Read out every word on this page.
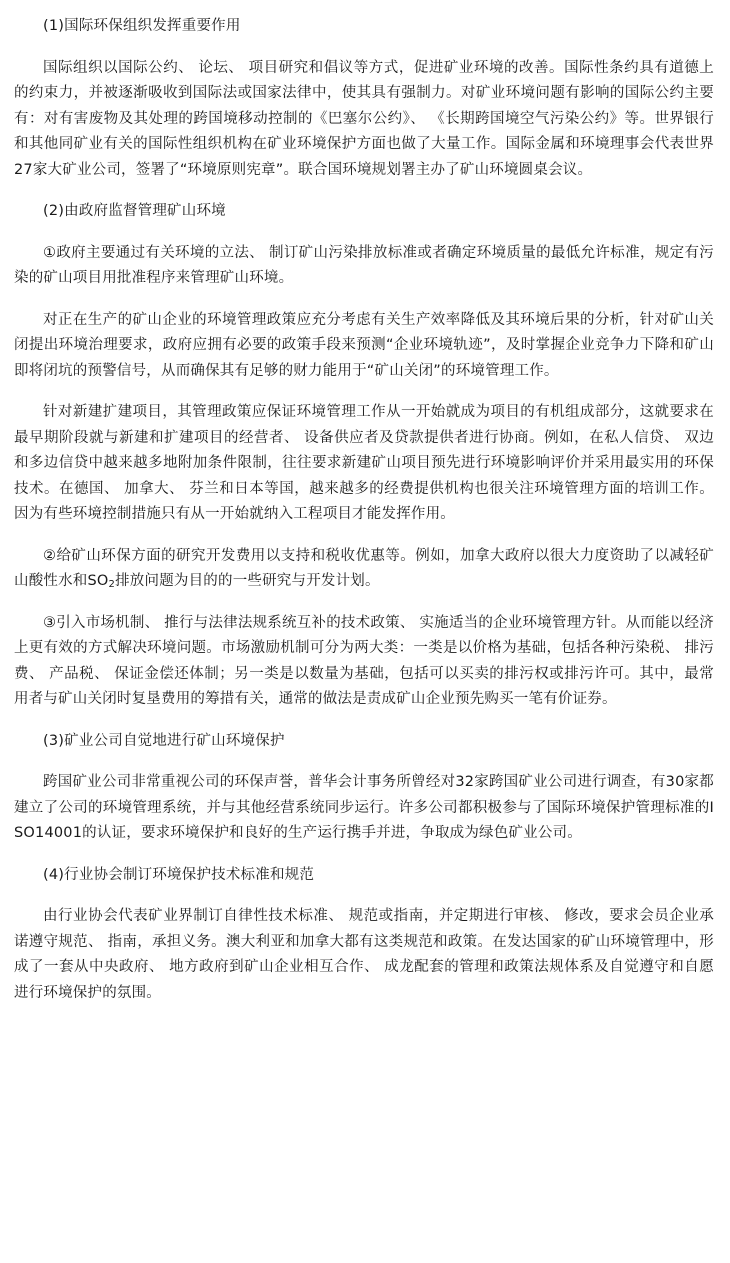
(1)国际环保组织发挥重要作用

国际组织以国际公约、 论坛、 项目研究和倡议等方式，促进矿业环境的改善。国际性条约具有道德上的约束力，并被逐渐吸收到国际法或国家法律中，使其具有强制力。对矿业环境问题有影响的国际公约主要有：对有害废物及其处理的跨国境移动控制的《巴塞尔公约》、 《长期跨国境空气污染公约》等。世界银行和其他同矿业有关的国际性组织机构在矿业环境保护方面也做了大量工作。国际金属和环境理事会代表世界27家大矿业公司，签署了“环境原则宪章”。联合国环境规划署主办了矿山环境圆桌会议。

(2)由政府监督管理矿山环境

①政府主要通过有关环境的立法、 制订矿山污染排放标准或者确定环境质量的最低允许标准，规定有污染的矿山项目用批准程序来管理矿山环境。

对正在生产的矿山企业的环境管理政策应充分考虑有关生产效率降低及其环境后果的分析，针对矿山关闭提出环境治理要求，政府应拥有必要的政策手段来预测“企业环境轨迹”，及时掌握企业竞争力下降和矿山即将闭坑的预警信号，从而确保其有足够的财力能用于“矿山关闭”的环境管理工作。

针对新建扩建项目，其管理政策应保证环境管理工作从一开始就成为项目的有机组成部分，这就要求在最早期阶段就与新建和扩建项目的经营者、 设备供应者及贷款提供者进行协商。例如，在私人信贷、 双边和多边信贷中越来越多地附加条件限制，往往要求新建矿山项目预先进行环境影响评价并采用最实用的环保技术。在德国、 加拿大、 芬兰和日本等国，越来越多的经费提供机构也很关注环境管理方面的培训工作。因为有些环境控制措施只有从一开始就纳入工程项目才能发挥作用。

②给矿山环保方面的研究开发费用以支持和税收优惠等。例如，加拿大政府以很大力度资助了以减轻矿山酸性水和$SO_2$排放问题为目的的一些研究与开发计划。

③引入市场机制、 推行与法律法规系统互补的技术政策、 实施适当的企业环境管理方针。从而能以经济上更有效的方式解决环境问题。市场激励机制可分为两大类：一类是以价格为基础，包括各种污染税、 排污费、 产品税、 保证金偿还体制；另一类是以数量为基础，包括可以买卖的排污权或排污许可。其中，最常用者与矿山关闭时复垦费用的筹措有关，通常的做法是责成矿山企业预先购买一笔有价证券。

(3)矿业公司自觉地进行矿山环境保护

跨国矿业公司非常重视公司的环保声誉，普华会计事务所曾经对32家跨国矿业公司进行调查，有30家都建立了公司的环境管理系统，并与其他经营系统同步运行。许多公司都积极参与了国际环境保护管理标准的ISO14001的认证，要求环境保护和良好的生产运行携手并进，争取成为绿色矿业公司。

(4)行业协会制订环境保护技术标准和规范

由行业协会代表矿业界制订自律性技术标准、 规范或指南，并定期进行审核、 修改，要求会员企业承诺遵守规范、 指南，承担义务。澳大利亚和加拿大都有这类规范和政策。在发达国家的矿山环境管理中，形成了一套从中央政府、 地方政府到矿山企业相互合作、 成龙配套的管理和政策法规体系及自觉遵守和自愿进行环境保护的氛围。
